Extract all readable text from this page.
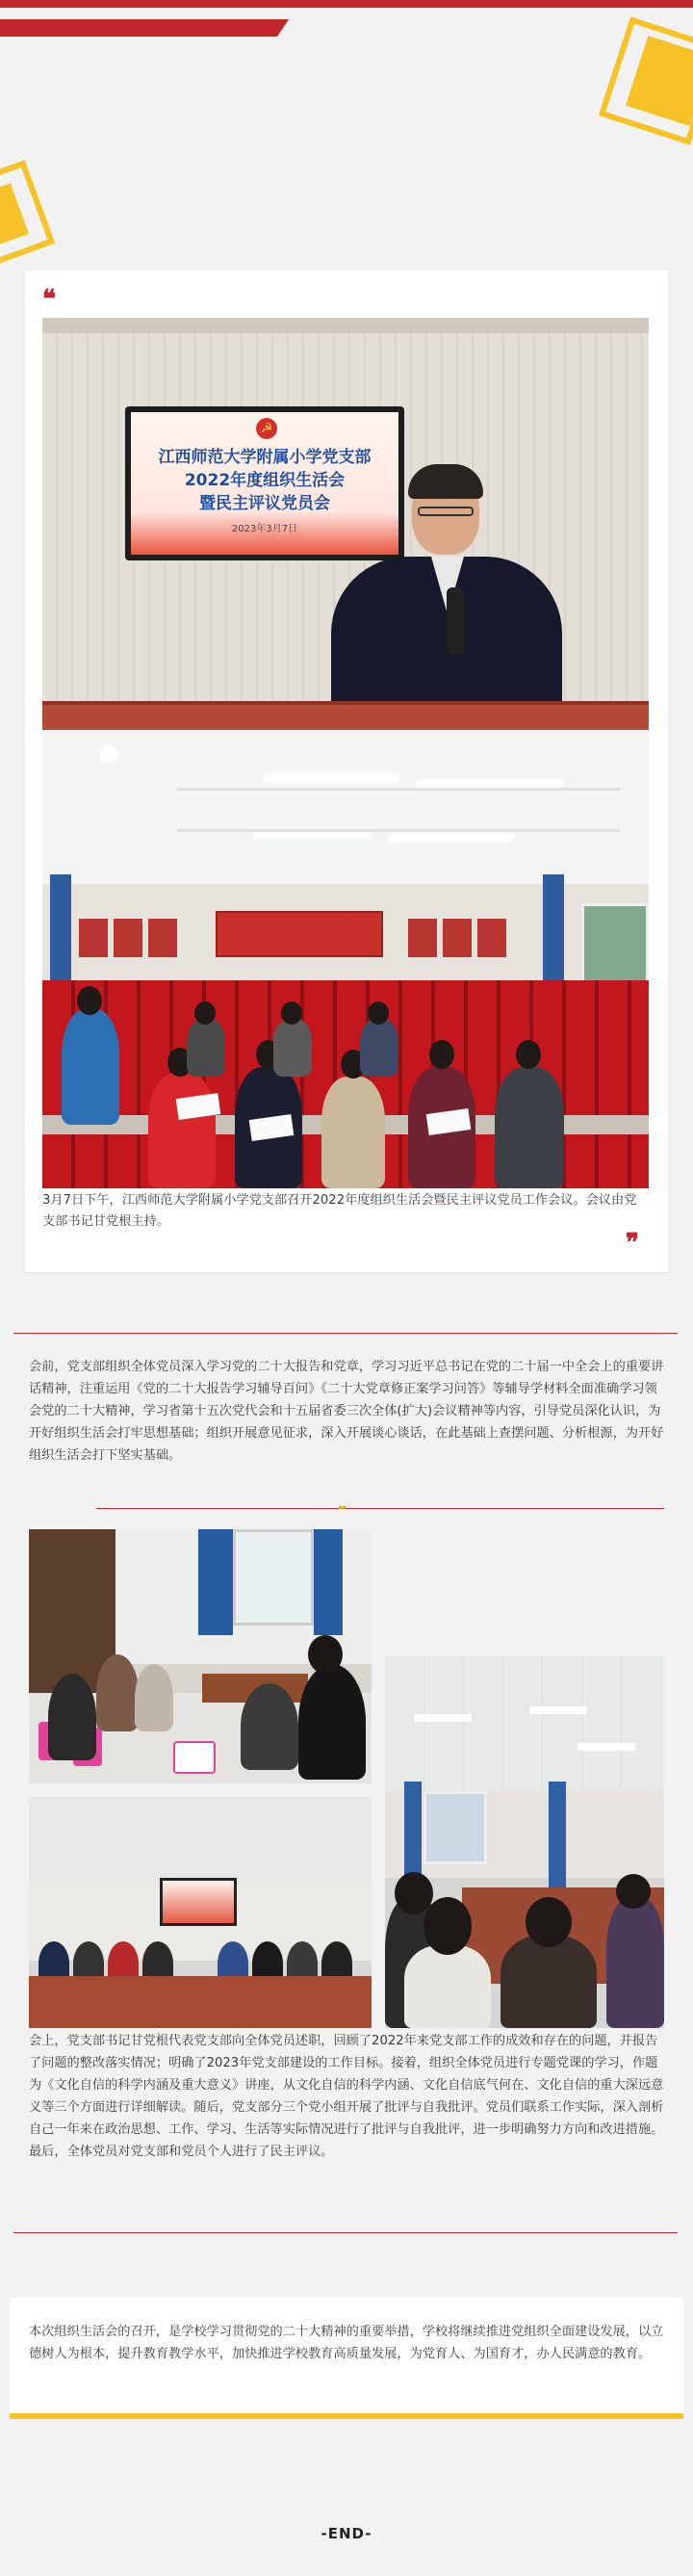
❝
☭
江西师范大学附属小学党支部
2022年度组织生活会
暨民主评议党员会
2023年3月7日
3月7日下午，江西师范大学附属小学党支部召开2022年度组织生活会暨民主评议党员工作会议。会议由党支部书记甘党根主持。
❞
会前，党支部组织全体党员深入学习党的二十大报告和党章，学习习近平总书记在党的二十届一中全会上的重要讲话精神，注重运用《党的二十大报告学习辅导百问》《二十大党章修正案学习问答》等辅导学材料全面准确学习领会党的二十大精神，学习省第十五次党代会和十五届省委三次全体(扩大)会议精神等内容，引导党员深化认识，为开好组织生活会打牢思想基础；组织开展意见征求，深入开展谈心谈话，在此基础上查摆问题、分析根源，为开好组织生活会打下坚实基础。
会上，党支部书记甘党根代表党支部向全体党员述职，回顾了2022年来党支部工作的成效和存在的问题，并报告了问题的整改落实情况；明确了2023年党支部建设的工作目标。接着，组织全体党员进行专题党课的学习，作题为《文化自信的科学内涵及重大意义》讲座，从文化自信的科学内涵、文化自信底气何在、文化自信的重大深远意义等三个方面进行详细解读。随后，党支部分三个党小组开展了批评与自我批评。党员们联系工作实际，深入剖析自己一年来在政治思想、工作、学习、生活等实际情况进行了批评与自我批评，进一步明确努力方向和改进措施。最后，全体党员对党支部和党员个人进行了民主评议。
本次组织生活会的召开，是学校学习贯彻党的二十大精神的重要举措，学校将继续推进党组织全面建设发展，以立德树人为根本，提升教育教学水平，加快推进学校教育高质量发展，为党育人、为国育才，办人民满意的教育。
-END-
